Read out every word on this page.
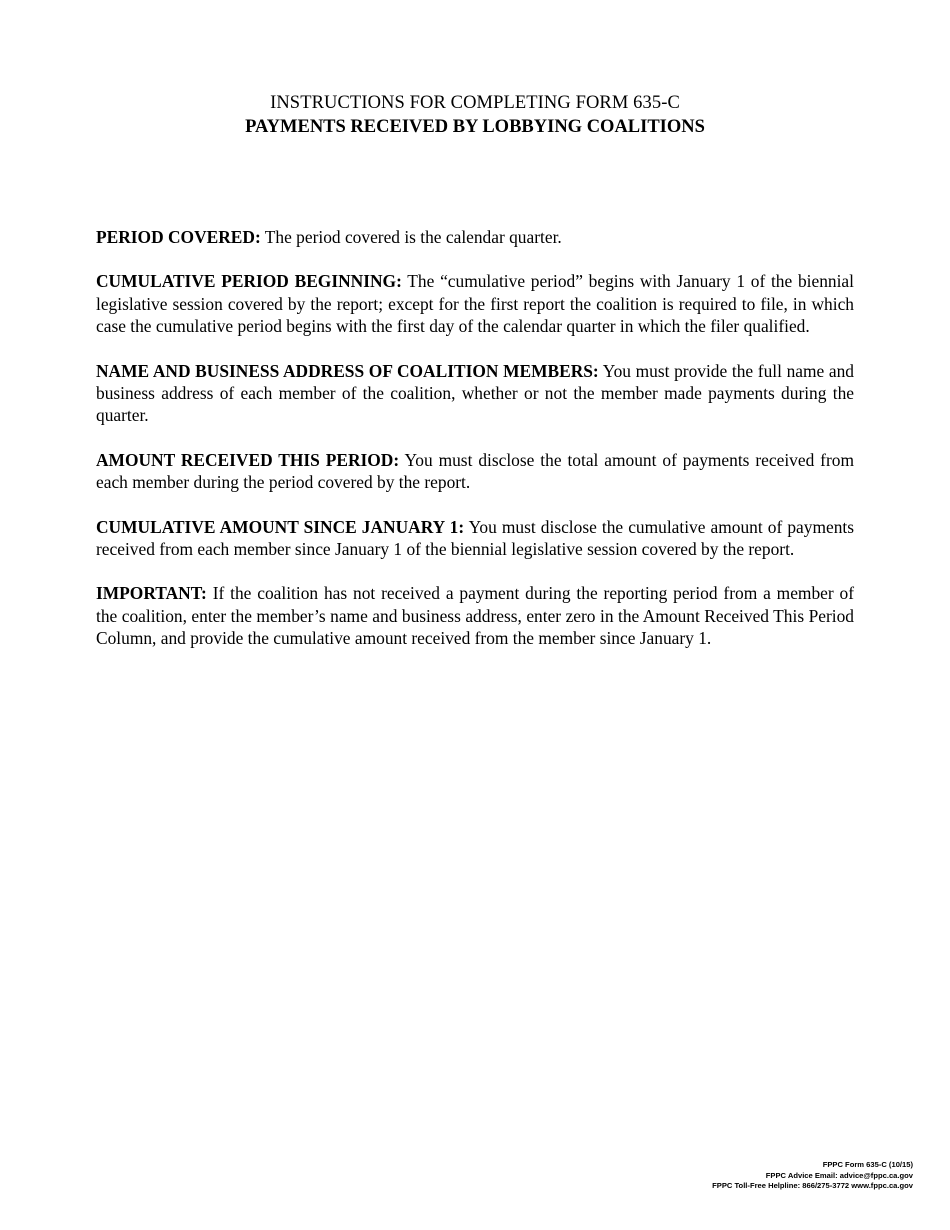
INSTRUCTIONS FOR COMPLETING FORM 635-C
PAYMENTS RECEIVED BY LOBBYING COALITIONS

PERIOD COVERED: The period covered is the calendar quarter.

CUMULATIVE PERIOD BEGINNING: The “cumulative period” begins with January 1 of the biennial legislative session covered by the report; except for the first report the coalition is required to file, in which case the cumulative period begins with the first day of the calendar quarter in which the filer qualified.

NAME AND BUSINESS ADDRESS OF COALITION MEMBERS: You must provide the full name and business address of each member of the coalition, whether or not the member made payments during the quarter.

AMOUNT RECEIVED THIS PERIOD: You must disclose the total amount of payments received from each member during the period covered by the report.

CUMULATIVE AMOUNT SINCE JANUARY 1: You must disclose the cumulative amount of payments received from each member since January 1 of the biennial legislative session covered by the report.

IMPORTANT: If the coalition has not received a payment during the reporting period from a member of the coalition, enter the member’s name and business address, enter zero in the Amount Received This Period Column, and provide the cumulative amount received from the member since January 1.

FPPC Form 635-C (10/15)
FPPC Advice Email: advice@fppc.ca.gov
FPPC Toll-Free Helpline: 866/275-3772 www.fppc.ca.gov
